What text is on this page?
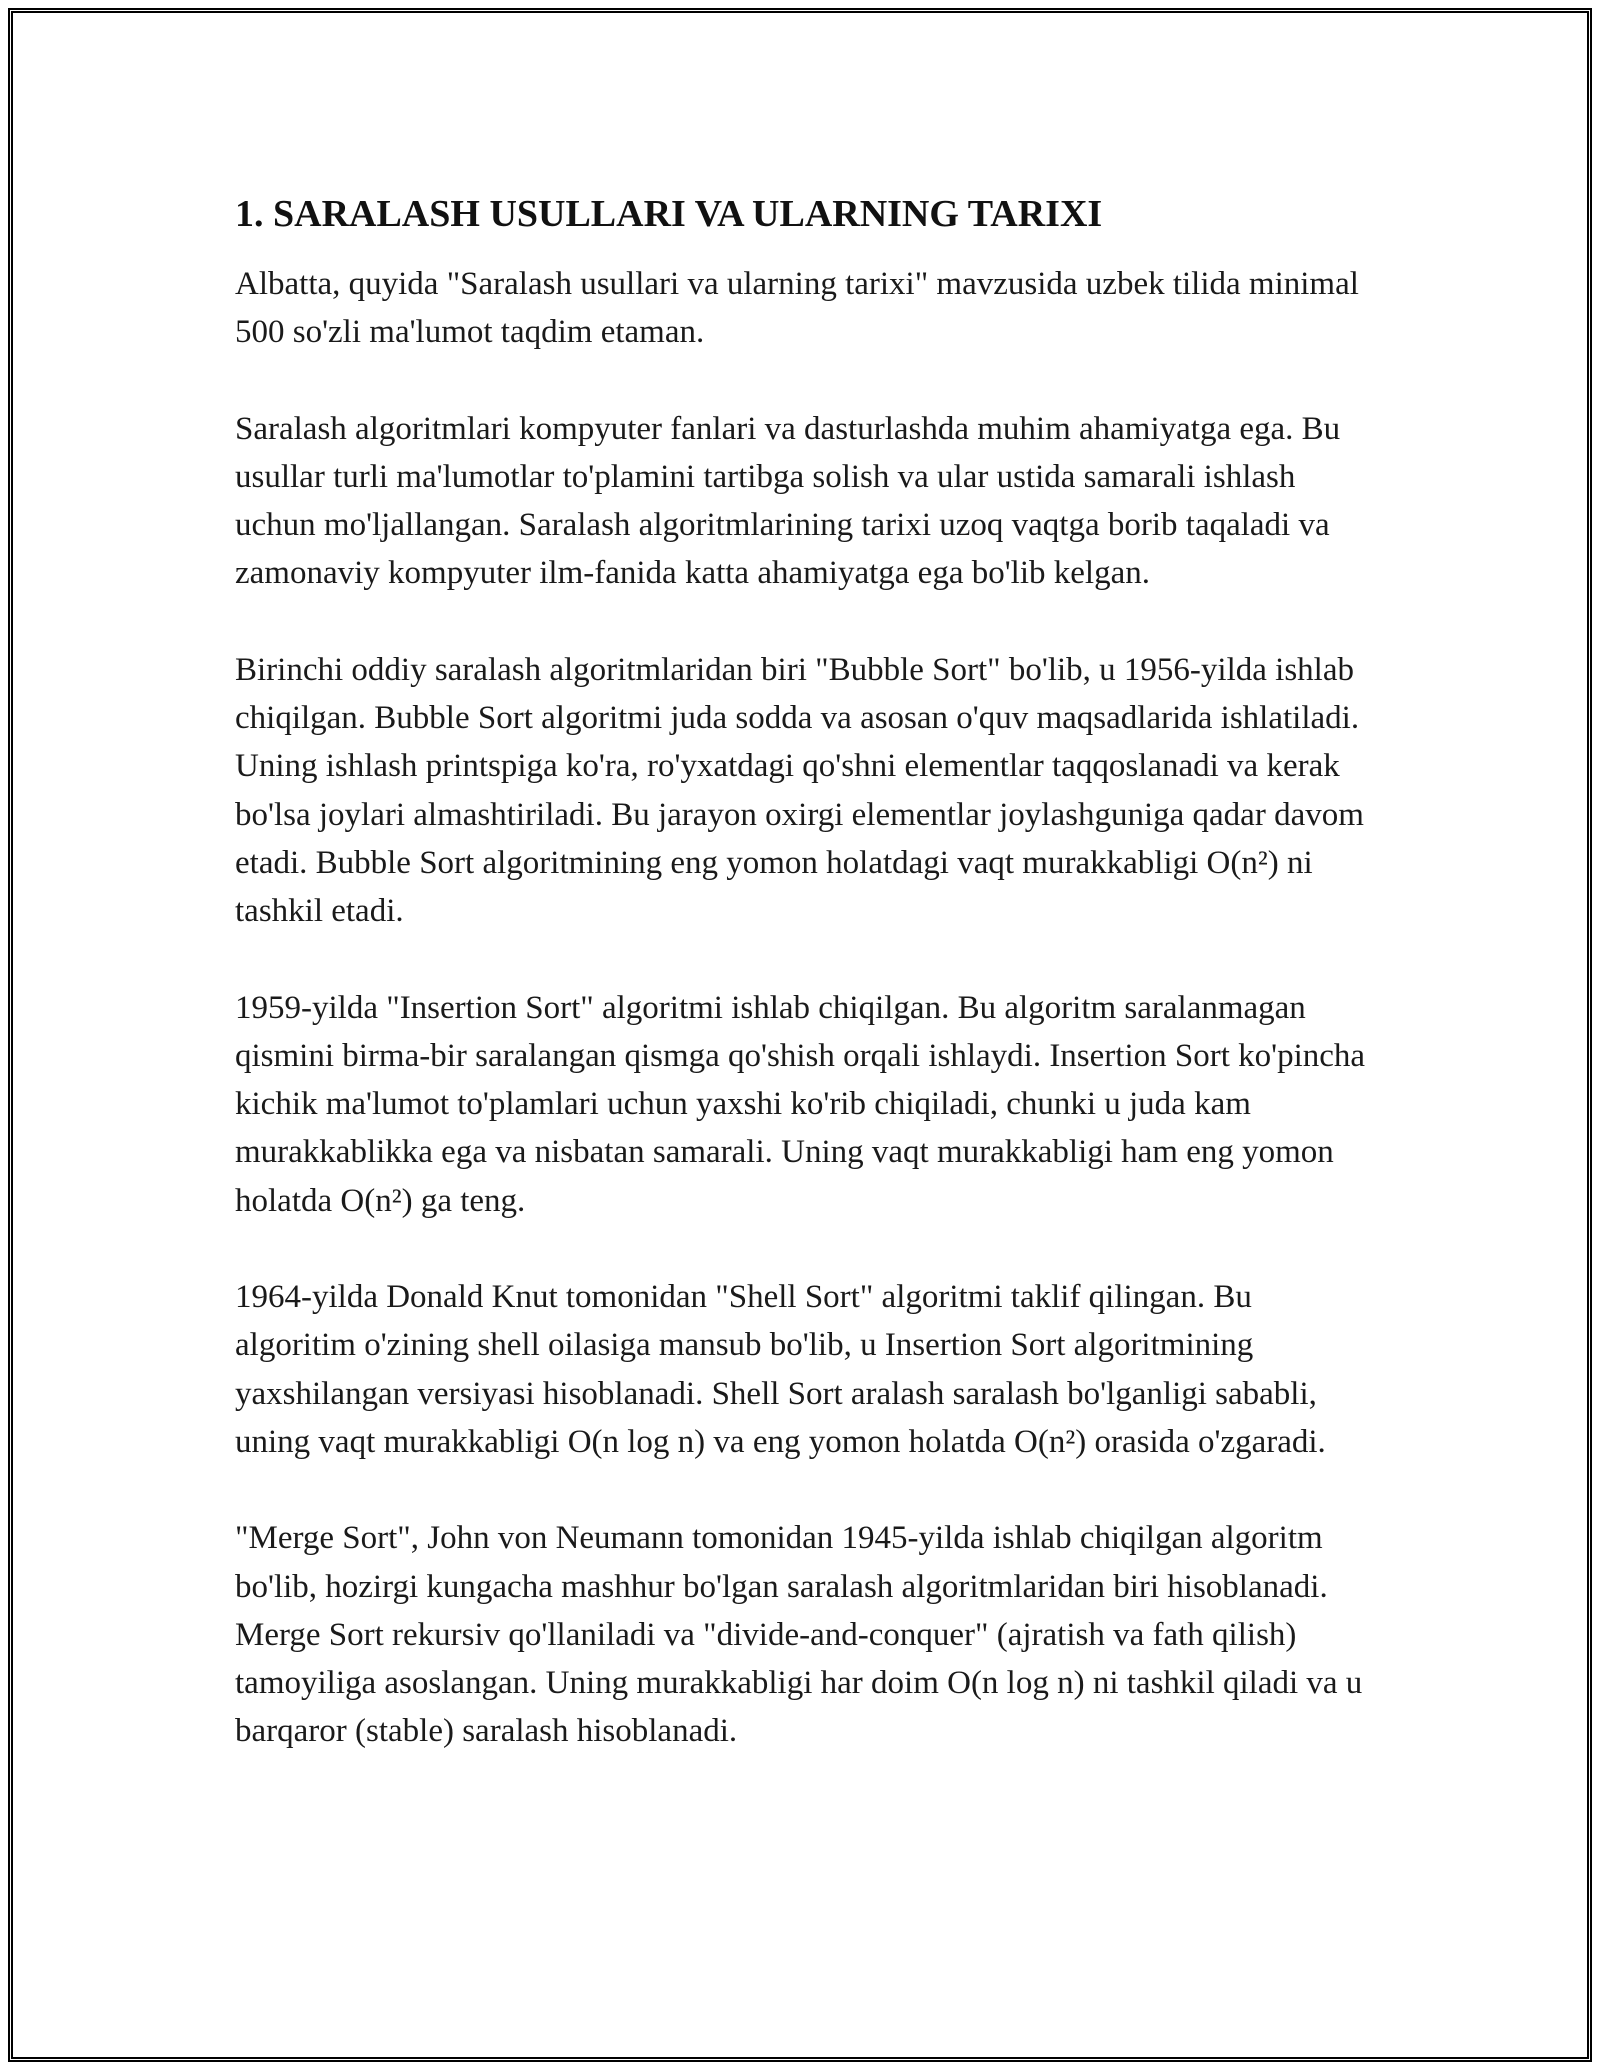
1. SARALASH USULLARI VA ULARNING TARIXI

Albatta, quyida "Saralash usullari va ularning tarixi" mavzusida uzbek tilida minimal 500 so'zli ma'lumot taqdim etaman.

Saralash algoritmlari kompyuter fanlari va dasturlashda muhim ahamiyatga ega. Bu usullar turli ma'lumotlar to'plamini tartibga solish va ular ustida samarali ishlash uchun mo'ljallangan. Saralash algoritmlarining tarixi uzoq vaqtga borib taqaladi va zamonaviy kompyuter ilm-fanida katta ahamiyatga ega bo'lib kelgan.

Birinchi oddiy saralash algoritmlaridan biri "Bubble Sort" bo'lib, u 1956-yilda ishlab chiqilgan. Bubble Sort algoritmi juda sodda va asosan o'quv maqsadlarida ishlatiladi. Uning ishlash printspiga ko'ra, ro'yxatdagi qo'shni elementlar taqqoslanadi va kerak bo'lsa joylari almashtiriladi. Bu jarayon oxirgi elementlar joylashguniga qadar davom etadi. Bubble Sort algoritmining eng yomon holatdagi vaqt murakkabligi O(n²) ni tashkil etadi.

1959-yilda "Insertion Sort" algoritmi ishlab chiqilgan. Bu algoritm saralanmagan qismini birma-bir saralangan qismga qo'shish orqali ishlaydi. Insertion Sort ko'pincha kichik ma'lumot to'plamlari uchun yaxshi ko'rib chiqiladi, chunki u juda kam murakkablikka ega va nisbatan samarali. Uning vaqt murakkabligi ham eng yomon holatda O(n²) ga teng.

1964-yilda Donald Knut tomonidan "Shell Sort" algoritmi taklif qilingan. Bu algoritim o'zining shell oilasiga mansub bo'lib, u Insertion Sort algoritmining yaxshilangan versiyasi hisoblanadi. Shell Sort aralash saralash bo'lganligi sababli, uning vaqt murakkabligi O(n log n) va eng yomon holatda O(n²) orasida o'zgaradi.

"Merge Sort", John von Neumann tomonidan 1945-yilda ishlab chiqilgan algoritm bo'lib, hozirgi kungacha mashhur bo'lgan saralash algoritmlaridan biri hisoblanadi. Merge Sort rekursiv qo'llaniladi va "divide-and-conquer" (ajratish va fath qilish) tamoyiliga asoslangan. Uning murakkabligi har doim O(n log n) ni tashkil qiladi va u barqaror (stable) saralash hisoblanadi.
